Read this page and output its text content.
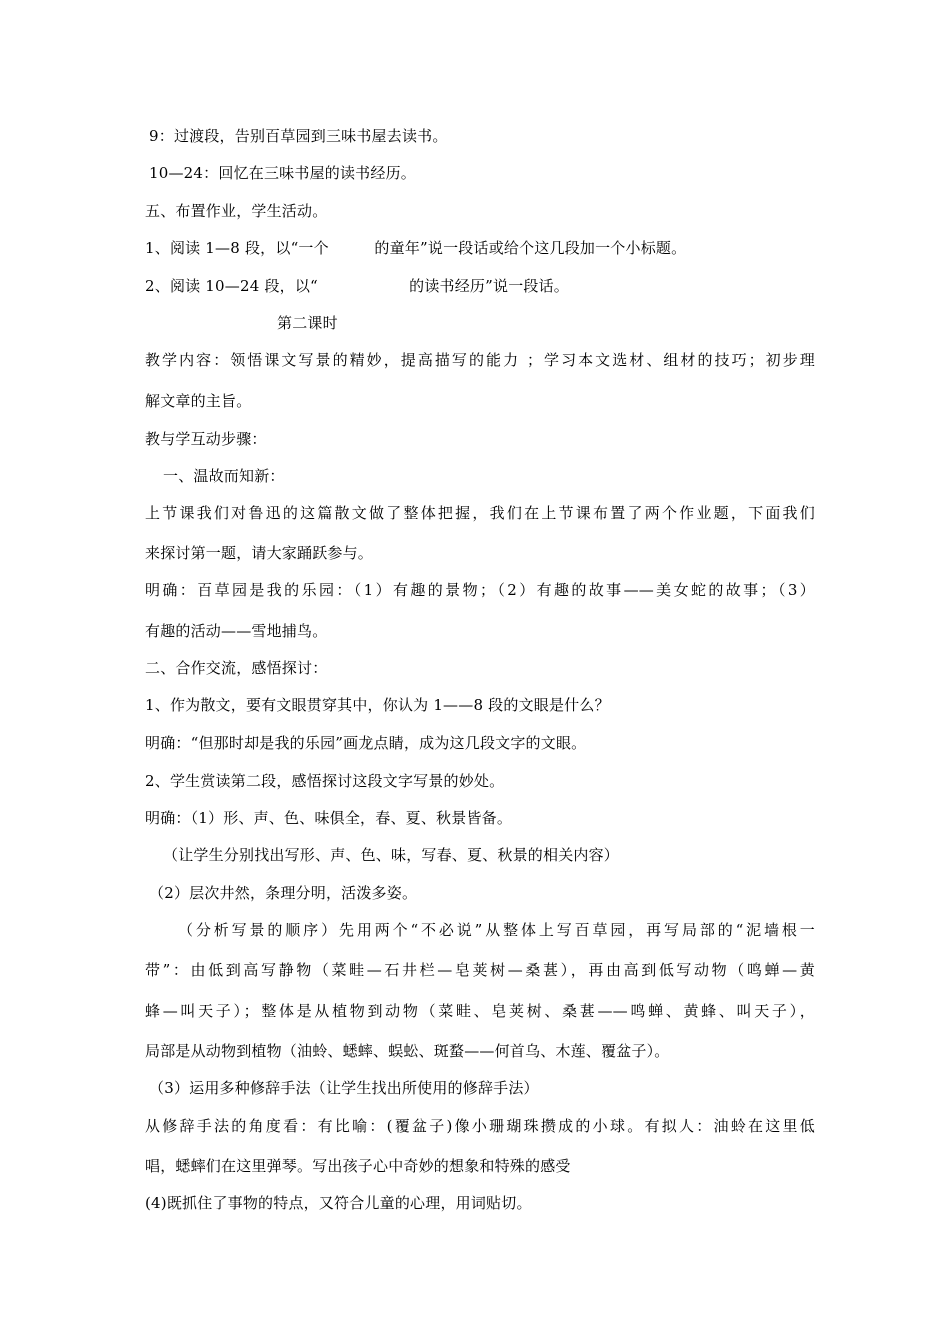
9：过渡段，告别百草园到三味书屋去读书。
10—24：回忆在三味书屋的读书经历。
五、布置作业，学生活动。
1、阅读 1—8 段，以“一个　　　的童年”说一段话或给个这几段加一个小标题。
2、阅读 10—24 段，以“　　　　　　的读书经历”说一段话。
第二课时
教学内容：领悟课文写景的精妙，提高描写的能力 ；学习本文选材、组材的技巧；初步理
解文章的主旨。
教与学互动步骤：
一、温故而知新：
上节课我们对鲁迅的这篇散文做了整体把握，我们在上节课布置了两个作业题，下面我们
来探讨第一题，请大家踊跃参与。
明确：百草园是我的乐园：（1）有趣的景物；（2）有趣的故事——美女蛇的故事；（3）
有趣的活动——雪地捕鸟。
二、合作交流，感悟探讨：
1、作为散文，要有文眼贯穿其中，你认为 1——8 段的文眼是什么？
明确：“但那时却是我的乐园”画龙点睛，成为这几段文字的文眼。
2、学生赏读第二段，感悟探讨这段文字写景的妙处。
明确：（1）形、声、色、味俱全，春、夏、秋景皆备。
（让学生分别找出写形、声、色、味，写春、夏、秋景的相关内容）
（2）层次井然，条理分明，活泼多姿。
（分析写景的顺序）先用两个“不必说”从整体上写百草园，再写局部的“泥墙根一
带”：由低到高写静物（菜畦—石井栏—皂荚树—桑葚），再由高到低写动物（鸣蝉—黄
蜂—叫天子）；整体是从植物到动物（菜畦、皂荚树、桑葚——鸣蝉、黄蜂、叫天子），
局部是从动物到植物（油蛉、蟋蟀、蜈蚣、斑蝥——何首乌、木莲、覆盆子）。
（3）运用多种修辞手法（让学生找出所使用的修辞手法）
从修辞手法的角度看：有比喻：(覆盆子)像小珊瑚珠攒成的小球。有拟人：油蛉在这里低
唱，蟋蟀们在这里弹琴。写出孩子心中奇妙的想象和特殊的感受
(4)既抓住了事物的特点，又符合儿童的心理，用词贴切。
